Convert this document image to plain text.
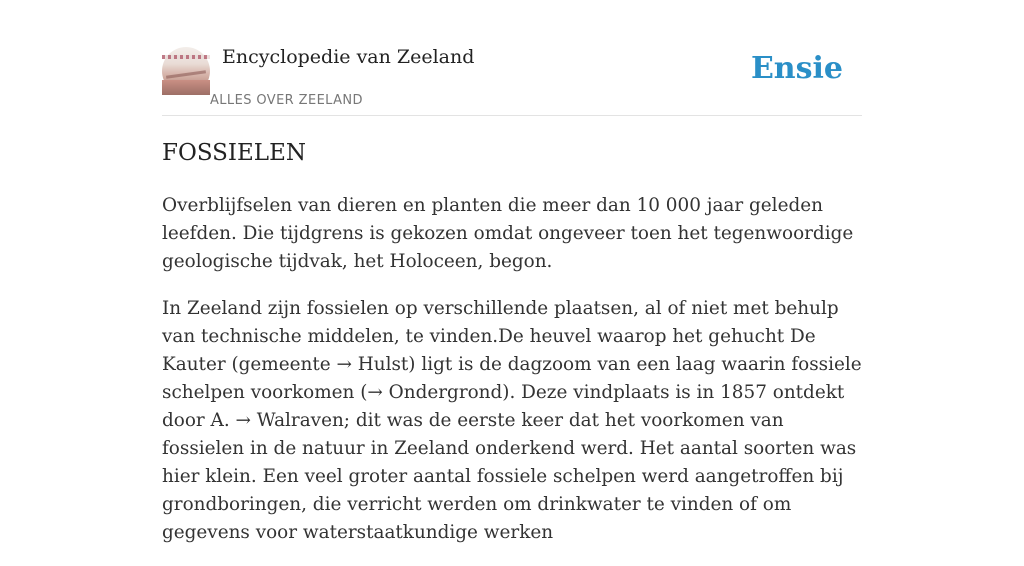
Encyclopedie van Zeeland
ALLES OVER ZEELAND
Ensie
FOSSIELEN

Overblijfselen van dieren en planten die meer dan 10 000 jaar geleden leefden. Die tijdgrens is gekozen omdat ongeveer toen het tegenwoordige geologische tijdvak, het Holoceen, begon.

In Zeeland zijn fossielen op verschillende plaatsen, al of niet met behulp van technische middelen, te vinden.De heuvel waarop het gehucht De Kauter (gemeente → Hulst) ligt is de dagzoom van een laag waarin fossiele schelpen voorkomen (→ Ondergrond). Deze vindplaats is in 1857 ontdekt door A. → Walraven; dit was de eerste keer dat het voorkomen van fossielen in de natuur in Zeeland onderkend werd. Het aantal soorten was hier klein. Een veel groter aantal fossiele schelpen werd aangetroffen bij grondboringen, die verricht werden om drinkwater te vinden of om gegevens voor waterstaatkundige werken
